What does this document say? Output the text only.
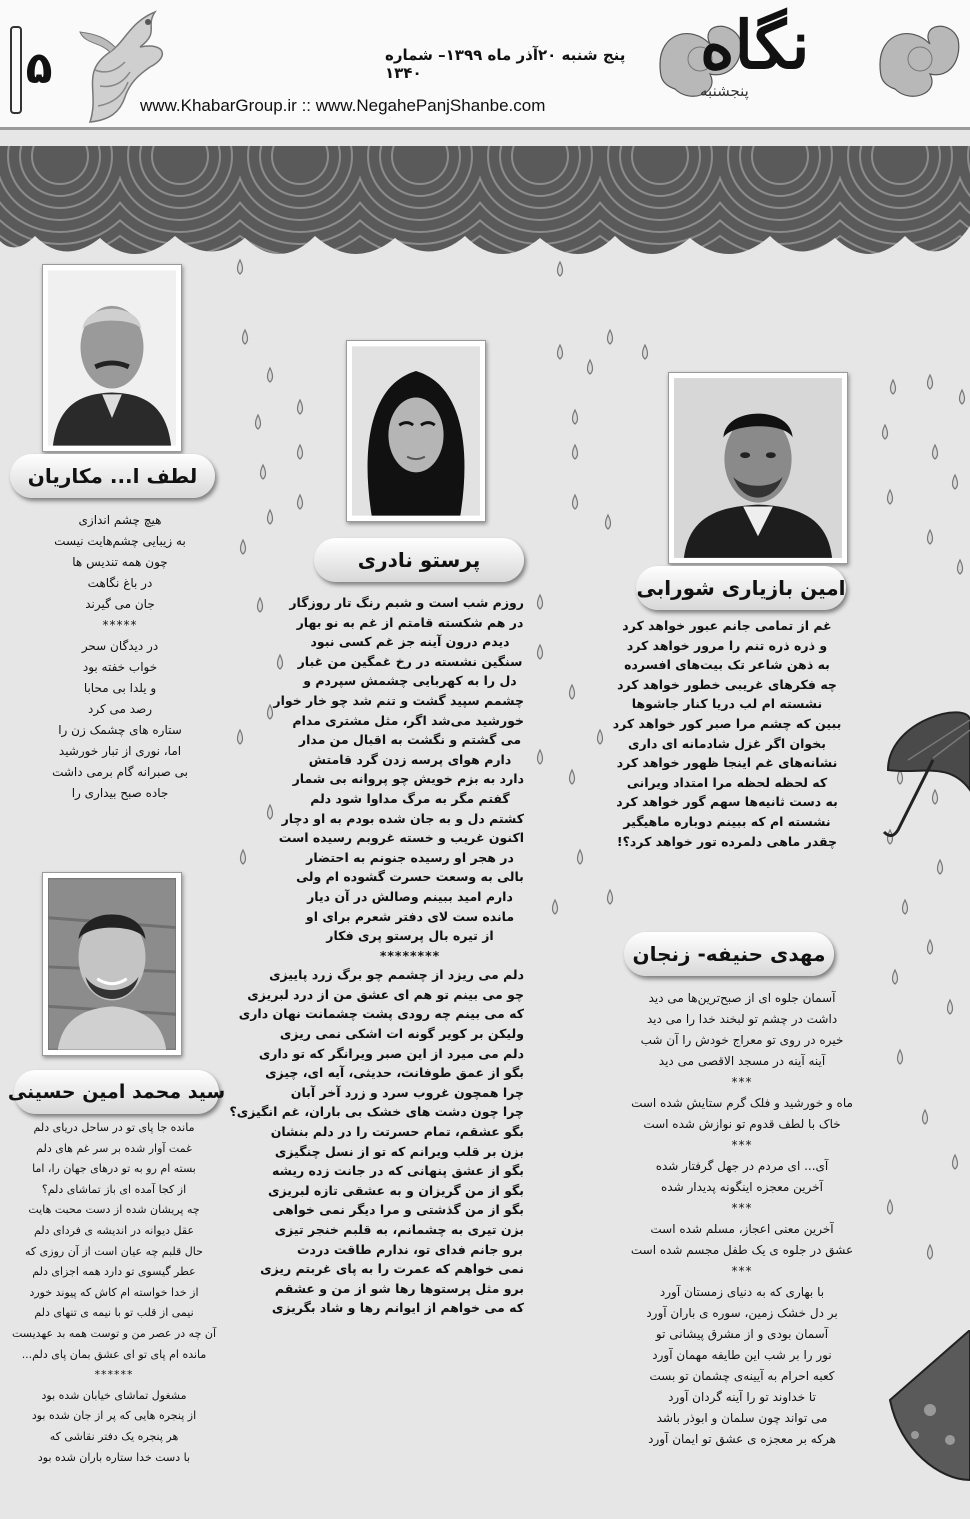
۵	پنج شنبه ۲۰آذر ماه ۱۳۹۹– شماره ۱۳۴۰
www.KhabarGroup.ir :: www.NegahePanjShanbe.com
نگاه
پنجشنبه
امین بازیاری شورابی
غم از تمامی جانم عبور خواهد کرد
و ذره ذره تنم را مرور خواهد کرد
به ذهن شاعر تک بیت‌های افسرده
چه فکرهای غریبی خطور خواهد کرد
نشسته ام لب دریا کنار جاشوها
ببین که چشم مرا صبر کور خواهد کرد
بخوان اگر غزل شادمانه ای داری
نشانه‌های غم اینجا ظهور خواهد کرد
که لحظه لحظه مرا امتداد ویرانی
به دست ثانیه‌ها سهم گور خواهد کرد
نشسته ام که ببینم دوباره ماهیگیر
چقدر ماهی دلمرده تور خواهد کرد؟!
مهدی حنیفه- زنجان
آسمان جلوه ای از صبح‌ترین‌ها می دید
داشت در چشم تو لبخند خدا را می دید
خیره در روی تو معراج خودش را آن شب
آینه آینه در مسجد الاقصی می دید
***
ماه و خورشید و فلک گرم ستایش شده است
خاک با لطف قدوم تو نوازش شده است
***
آی... ای مردم در جهل گرفتار شده
آخرین معجزه اینگونه پدیدار شده
***
آخرین معنی اعجاز، مسلم شده است
عشق در جلوه ی یک طفل مجسم شده است
***
با بهاری که به دنیای زمستان آورد
بر دل خشک زمین، سوره ی باران آورد
آسمان بودی و از مشرق پیشانی تو
نور را بر شب این طایفه مهمان آورد
کعبه احرام به آیینه‌ی چشمان تو بست
تا خداوند تو را آینه گردان آورد
می تواند چون سلمان و ابوذر باشد
هرکه بر معجزه ی عشق تو ایمان آورد
پرستو نادری
روزم شب است و شبم رنگ تار روزگار
در هم شکسته قامتم از غم به نو بهار
دیدم درون آینه جز غم کسی نبود
سنگین نشسته در رخ غمگین من غبار
دل را به کهربایی چشمش سپردم و
چشمم سپید گشت و تنم شد چو خار خوار
خورشید می‌شد اگر، مثل مشتری مدام
می گشتم و نگشت به اقبال من مدار
دارم هوای پرسه زدن گرد قامتش
دارد به بزم خویش چو پروانه بی شمار
گفتم مگر به مرگ مداوا شود دلم
کشتم دل و به جان شده بودم به او دچار
اکنون غریب و خسته غروبم رسیده است
در هجر او رسیده جنونم به احتضار
بالی به وسعت حسرت گشوده ام ولی
دارم امید ببینم وصالش در آن دیار
مانده ست لای دفتر شعرم برای او
از تیره بال پرستو پری فکار
********
دلم می ریزد از چشمم چو برگ زرد پاییزی
چو می بینم تو هم ای عشق من از درد لبریزی
که می بینم چه رودی پشت چشمانت نهان داری
ولیکن بر کویر گونه ات اشکی نمی ریزی
دلم می میرد از این صبر ویرانگر که تو داری
بگو از عمق طوفانت، حدیثی، آیه ای، چیزی
چرا همچون غروب سرد و زرد آخر آبان
چرا چون دشت های خشک بی باران، غم انگیزی؟
بگو عشقم، تمام حسرتت را در دلم بنشان
بزن بر قلب ویرانم که تو از نسل چنگیزی
بگو از عشق پنهانی که در جانت زده ریشه
بگو از من گریزان و به عشقی تازه لبریزی
بگو از من گذشتی و مرا دیگر نمی خواهی
بزن تیری به چشمانم، به قلبم خنجر تیزی
برو جانم فدای تو، ندارم طاقت دردت
نمی خواهم که عمرت را به پای غربتم ریزی
برو مثل پرستوها رها شو از من و عشقم
که می خواهم از ایوانم رها و شاد بگریزی
لطف ا... مکاریان
هیچ چشم اندازی
به زیبایی چشم‌هایت نیست
چون همه تندیس ها
در باغ نگاهت
جان می گیرند
*****
در دیدگان سحر
خواب خفته بود
و یلدا بی محابا
رصد می کرد
ستاره های چشمک زن را
اما، نوری از تبار خورشید
بی صبرانه گام برمی داشت
جاده صبح بیداری را
سید محمد امین حسینی
مانده جا پای تو در ساحل دریای دلم
غمت آوار شده بر سر غم های دلم
بسته ام رو به تو درهای جهان را، اما
از کجا آمده ای باز تماشای دلم؟
چه پریشان شده از دست محبت هایت
عقل دیوانه در اندیشه ی فردای دلم
حال قلبم چه عیان است از آن روزی که
عطر گیسوی تو دارد همه اجزای دلم
از خدا خواسته ام کاش که پیوند خورد
نیمی از قلب تو با نیمه ی تنهای دلم
آن چه در عصر من و توست همه بد عهدیست
مانده ام پای تو ای عشق بمان پای دلم...
******
مشغول تماشای خیابان شده بود
از پنجره هایی که پر از جان شده بود
هر پنجره یک دفتر نقاشی که
با دست خدا ستاره باران شده بود
